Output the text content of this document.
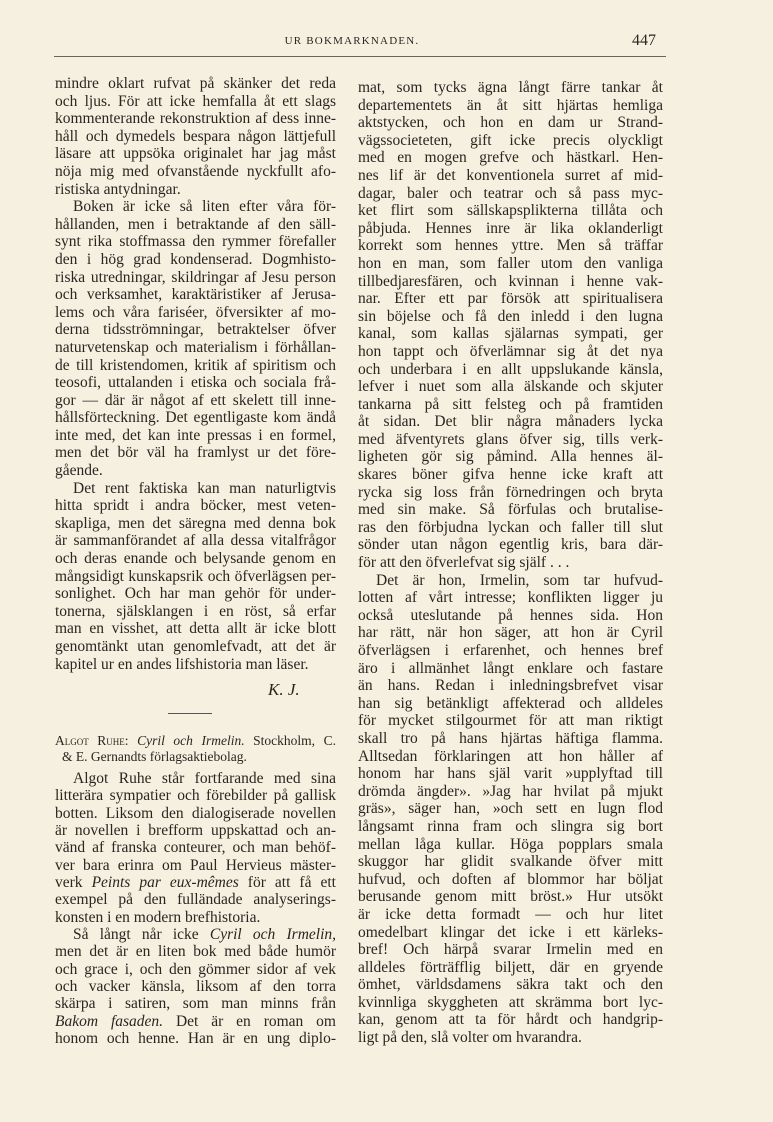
UR BOKMARKNADEN.	447
mindre oklart rufvat på skänker det reda
och ljus. För att icke hemfalla åt ett slags
kommenterande rekonstruktion af dess inne-
håll och dymedels bespara någon lättjefull
läsare att uppsöka originalet har jag måst
nöja mig med ofvanstående nyckfullt afo-
ristiska antydningar.
Boken är icke så liten efter våra för-
hållanden, men i betraktande af den säll-
synt rika stoffmassa den rymmer förefaller
den i hög grad kondenserad. Dogmhisto-
riska utredningar, skildringar af Jesu person
och verksamhet, karaktäristiker af Jerusa-
lems och våra fariséer, öfversikter af mo-
derna tidsströmningar, betraktelser öfver
naturvetenskap och materialism i förhållan-
de till kristendomen, kritik af spiritism och
teosofi, uttalanden i etiska och sociala frå-
gor — där är något af ett skelett till inne-
hållsförteckning. Det egentligaste kom ändå
inte med, det kan inte pressas i en formel,
men det bör väl ha framlyst ur det före-
gående.
Det rent faktiska kan man naturligtvis
hitta spridt i andra böcker, mest veten-
skapliga, men det säregna med denna bok
är sammanförandet af alla dessa vitalfrågor
och deras enande och belysande genom en
mångsidigt kunskapsrik och öfverlägsen per-
sonlighet. Och har man gehör för under-
tonerna, själsklangen i en röst, så erfar
man en visshet, att detta allt är icke blott
genomtänkt utan genomlefvadt, att det är
kapitel ur en andes lifshistoria man läser.
K. J.
Algot Ruhe: Cyril och Irmelin. Stockholm, C.
& E. Gernandts förlagsaktiebolag.
Algot Ruhe står fortfarande med sina
litterära sympatier och förebilder på gallisk
botten. Liksom den dialogiserade novellen
är novellen i brefform uppskattad och an-
vänd af franska conteurer, och man behöf-
ver bara erinra om Paul Hervieus mäster-
verk Peints par eux-mêmes för att få ett
exempel på den fulländade analyserings-
konsten i en modern brefhistoria.
Så långt når icke Cyril och Irmelin,
men det är en liten bok med både humör
och grace i, och den gömmer sidor af vek
och vacker känsla, liksom af den torra
skärpa i satiren, som man minns från
Bakom fasaden. Det är en roman om
honom och henne. Han är en ung diplo-
mat, som tycks ägna långt färre tankar åt
departementets än åt sitt hjärtas hemliga
aktstycken, och hon en dam ur Strand-
vägssocieteten, gift icke precis olyckligt
med en mogen grefve och hästkarl. Hen-
nes lif är det konventionela surret af mid-
dagar, baler och teatrar och så pass myc-
ket flirt som sällskapsplikterna tillåta och
påbjuda. Hennes inre är lika oklanderligt
korrekt som hennes yttre. Men så träffar
hon en man, som faller utom den vanliga
tillbedjaresfären, och kvinnan i henne vak-
nar. Efter ett par försök att spiritualisera
sin böjelse och få den inledd i den lugna
kanal, som kallas själarnas sympati, ger
hon tappt och öfverlämnar sig åt det nya
och underbara i en allt uppslukande känsla,
lefver i nuet som alla älskande och skjuter
tankarna på sitt felsteg och på framtiden
åt sidan. Det blir några månaders lycka
med äfventyrets glans öfver sig, tills verk-
ligheten gör sig påmind. Alla hennes äl-
skares böner gifva henne icke kraft att
rycka sig loss från förnedringen och bryta
med sin make. Så förfulas och brutalise-
ras den förbjudna lyckan och faller till slut
sönder utan någon egentlig kris, bara där-
för att den öfverlefvat sig själf . . .
Det är hon, Irmelin, som tar hufvud-
lotten af vårt intresse; konflikten ligger ju
också uteslutande på hennes sida. Hon
har rätt, när hon säger, att hon är Cyril
öfverlägsen i erfarenhet, och hennes bref
äro i allmänhet långt enklare och fastare
än hans. Redan i inledningsbrefvet visar
han sig betänkligt affekterad och alldeles
för mycket stilgourmet för att man riktigt
skall tro på hans hjärtas häftiga flamma.
Alltsedan förklaringen att hon håller af
honom har hans själ varit »upplyftad till
drömda ängder». »Jag har hvilat på mjukt
gräs», säger han, »och sett en lugn flod
långsamt rinna fram och slingra sig bort
mellan låga kullar. Höga popplars smala
skuggor har glidit svalkande öfver mitt
hufvud, och doften af blommor har böljat
berusande genom mitt bröst.» Hur utsökt
är icke detta formadt — och hur litet
omedelbart klingar det icke i ett kärleks-
bref! Och härpå svarar Irmelin med en
alldeles förträfflig biljett, där en gryende
ömhet, världsdamens säkra takt och den
kvinnliga skyggheten att skrämma bort lyc-
kan, genom att ta för hårdt och handgrip-
ligt på den, slå volter om hvarandra.
